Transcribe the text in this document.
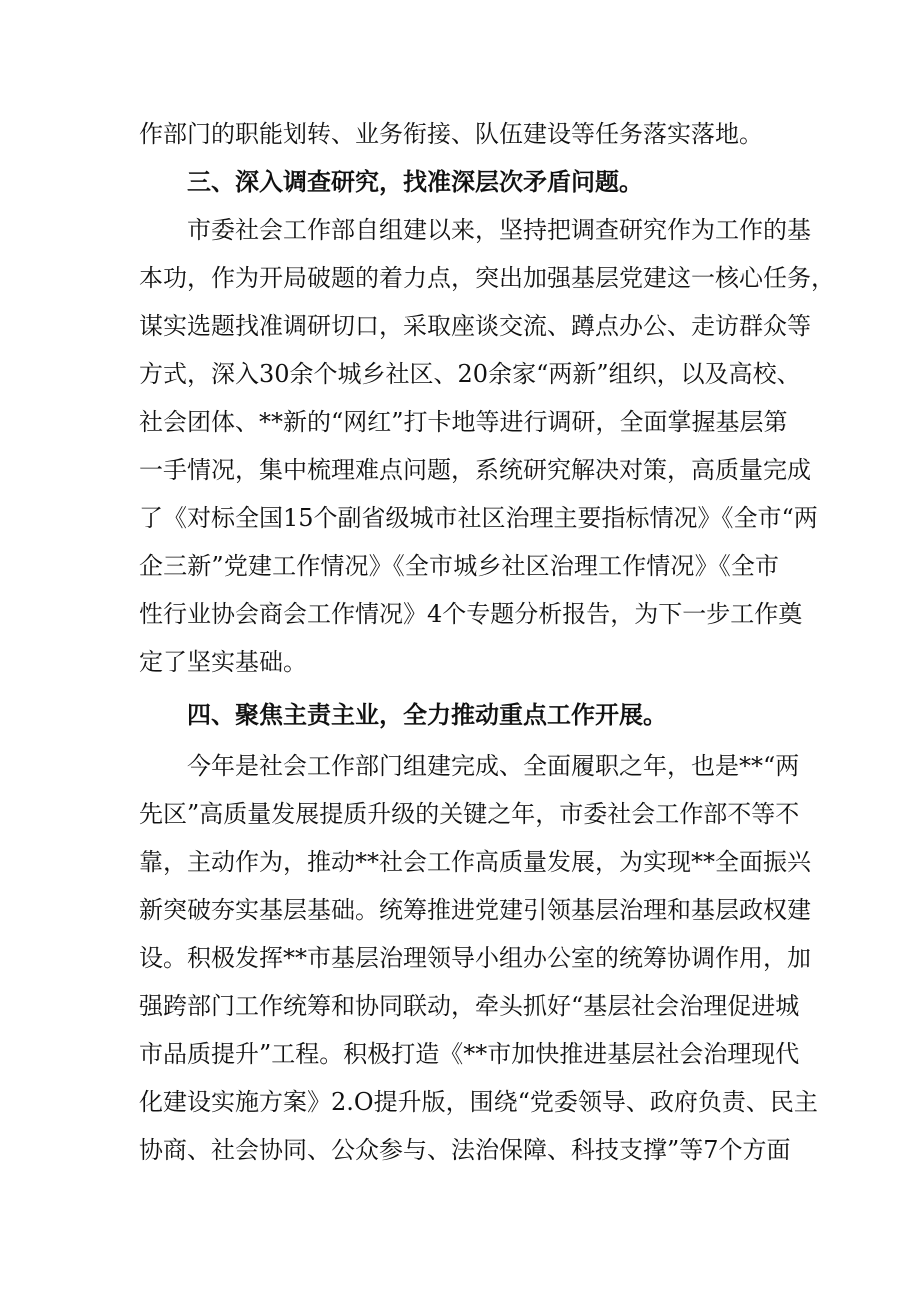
作部门的职能划转、业务衔接、队伍建设等任务落实落地。
三、深入调查研究，找准深层次矛盾问题。
市委社会工作部自组建以来，坚持把调查研究作为工作的基
本功，作为开局破题的着力点，突出加强基层党建这一核心任务，
谋实选题找准调研切口，采取座谈交流、蹲点办公、走访群众等
方式，深入30余个城乡社区、20余家“两新”组织，以及高校、
社会团体、**新的“网红”打卡地等进行调研，全面掌握基层第
一手情况，集中梳理难点问题，系统研究解决对策，高质量完成
了《对标全国15个副省级城市社区治理主要指标情况》《全市“两
企三新”党建工作情况》《全市城乡社区治理工作情况》《全市
性行业协会商会工作情况》4个专题分析报告，为下一步工作奠
定了坚实基础。
四、聚焦主责主业，全力推动重点工作开展。
今年是社会工作部门组建完成、全面履职之年，也是**“两
先区”高质量发展提质升级的关键之年，市委社会工作部不等不
靠，主动作为，推动**社会工作高质量发展，为实现**全面振兴
新突破夯实基层基础。统筹推进党建引领基层治理和基层政权建
设。积极发挥**市基层治理领导小组办公室的统筹协调作用，加
强跨部门工作统筹和协同联动，牵头抓好“基层社会治理促进城
市品质提升”工程。积极打造《**市加快推进基层社会治理现代
化建设实施方案》2.O提升版，围绕“党委领导、政府负责、民主
协商、社会协同、公众参与、法治保障、科技支撑”等7个方面
